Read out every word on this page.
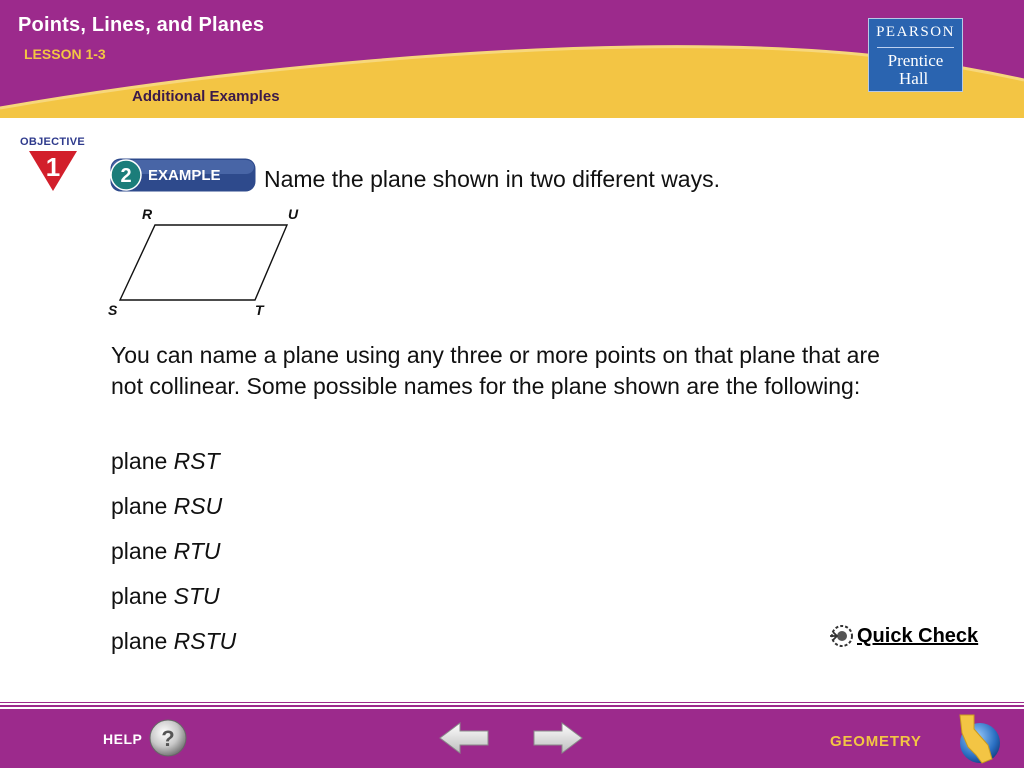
Points, Lines, and Planes
LESSON 1-3
Additional Examples
PEARSON
Prentice
Hall
OBJECTIVE
1	2 EXAMPLE Name the plane shown in two different ways.
R	U
S	T
You can name a plane using any three or more points on that plane that are not collinear. Some possible names for the plane shown are the following:
plane RST
plane RSU
plane RTU
plane STU
plane RSTU	Quick Check
HELP ?	GEOMETRY
